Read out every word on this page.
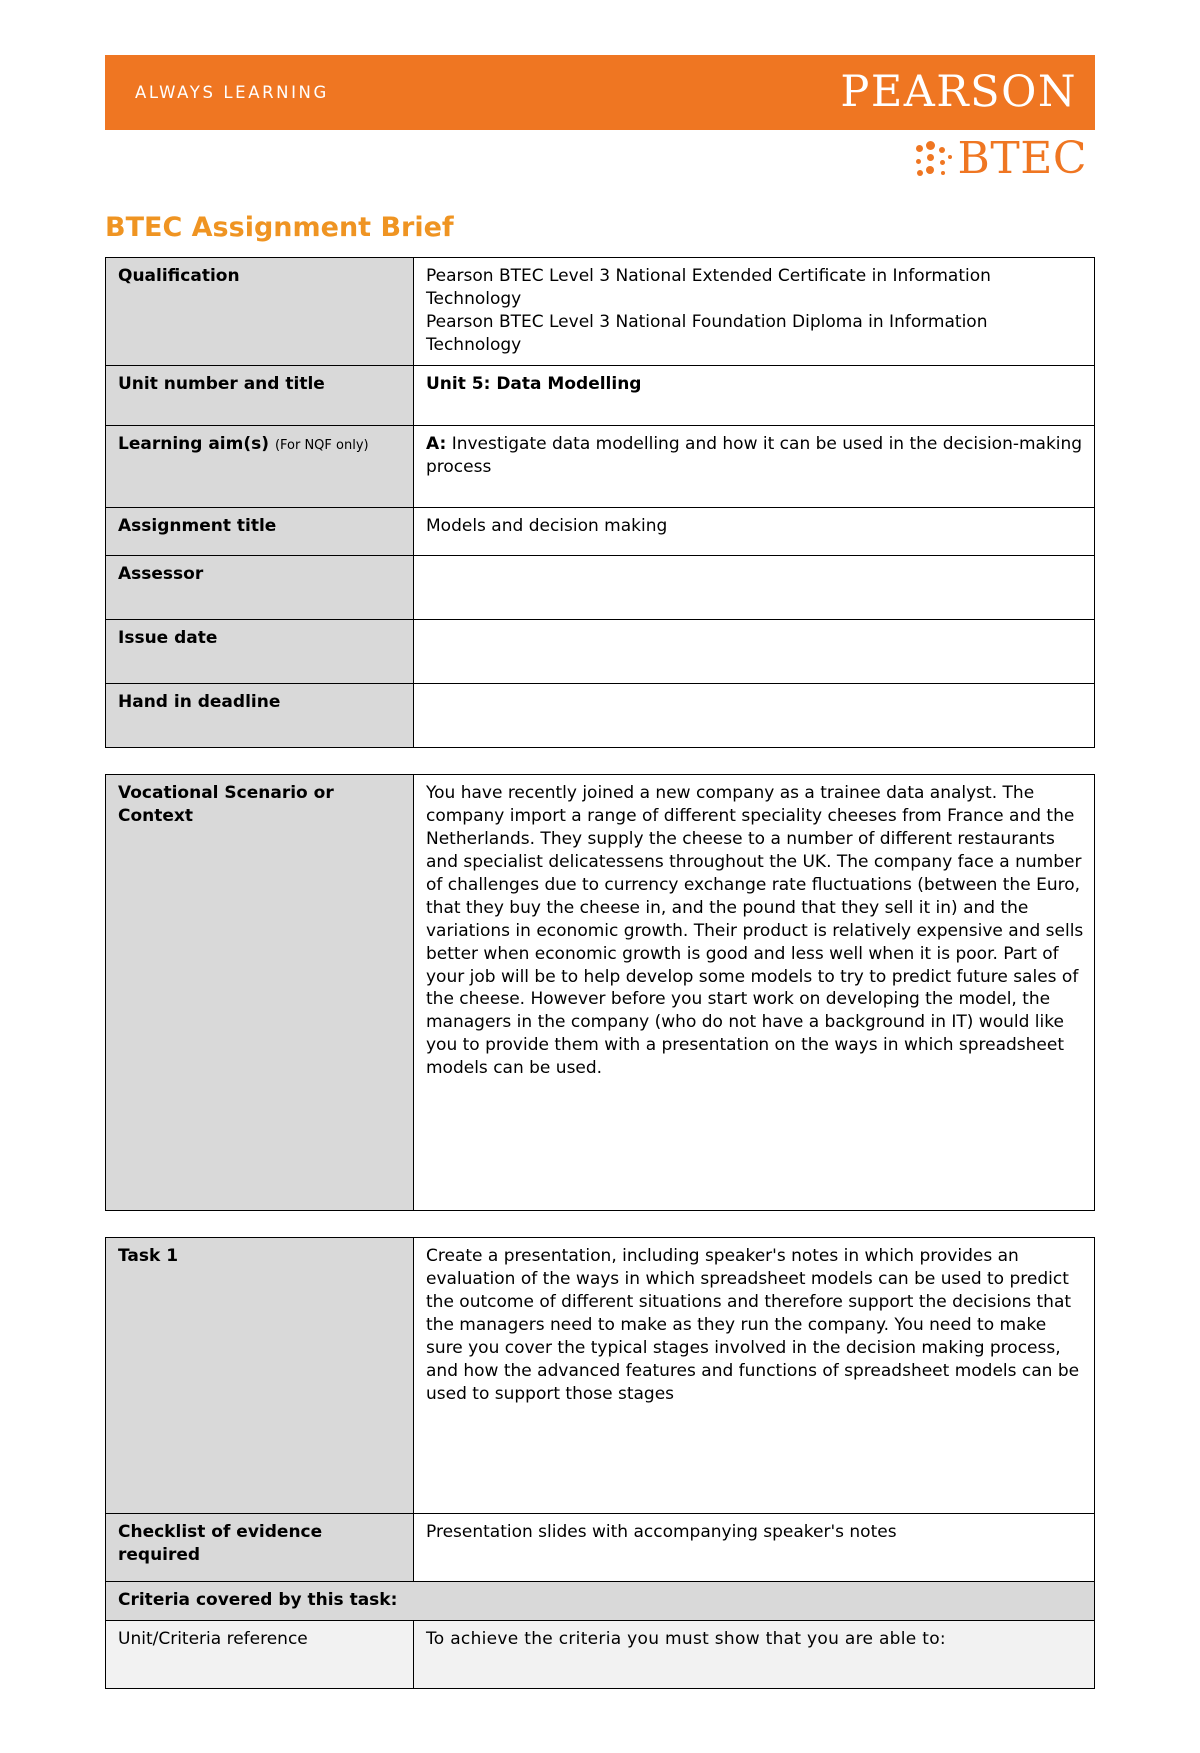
ALWAYS LEARNING	PEARSON
BTEC
BTEC Assignment Brief
Qualification	Pearson BTEC Level 3 National Extended Certificate in Information Technology
Pearson BTEC Level 3 National Foundation Diploma in Information Technology

Unit number and title	Unit 5: Data Modelling
Learning aim(s) (For NQF only)	A: Investigate data modelling and how it can be used in the decision-making process
Assignment title	Models and decision making
Assessor	
Issue date	
Hand in deadline	
Vocational Scenario or Context	You have recently joined a new company as a trainee data analyst. The company import a range of different speciality cheeses from France and the Netherlands. They supply the cheese to a number of different restaurants and specialist delicatessens throughout the UK. The company face a number of challenges due to currency exchange rate fluctuations (between the Euro, that they buy the cheese in, and the pound that they sell it in) and the variations in economic growth. Their product is relatively expensive and sells better when economic growth is good and less well when it is poor. Part of your job will be to help develop some models to try to predict future sales of the cheese. However before you start work on developing the model, the managers in the company (who do not have a background in IT) would like you to provide them with a presentation on the ways in which spreadsheet models can be used.
Task 1	Create a presentation, including speaker's notes in which provides an evaluation of the ways in which spreadsheet models can be used to predict the outcome of different situations and therefore support the decisions that the managers need to make as they run the company. You need to make sure you cover the typical stages involved in the decision making process, and how the advanced features and functions of spreadsheet models can be used to support those stages
Checklist of evidence required	Presentation slides with accompanying speaker's notes
Criteria covered by this task:	
Unit/Criteria reference	To achieve the criteria you must show that you are able to:
